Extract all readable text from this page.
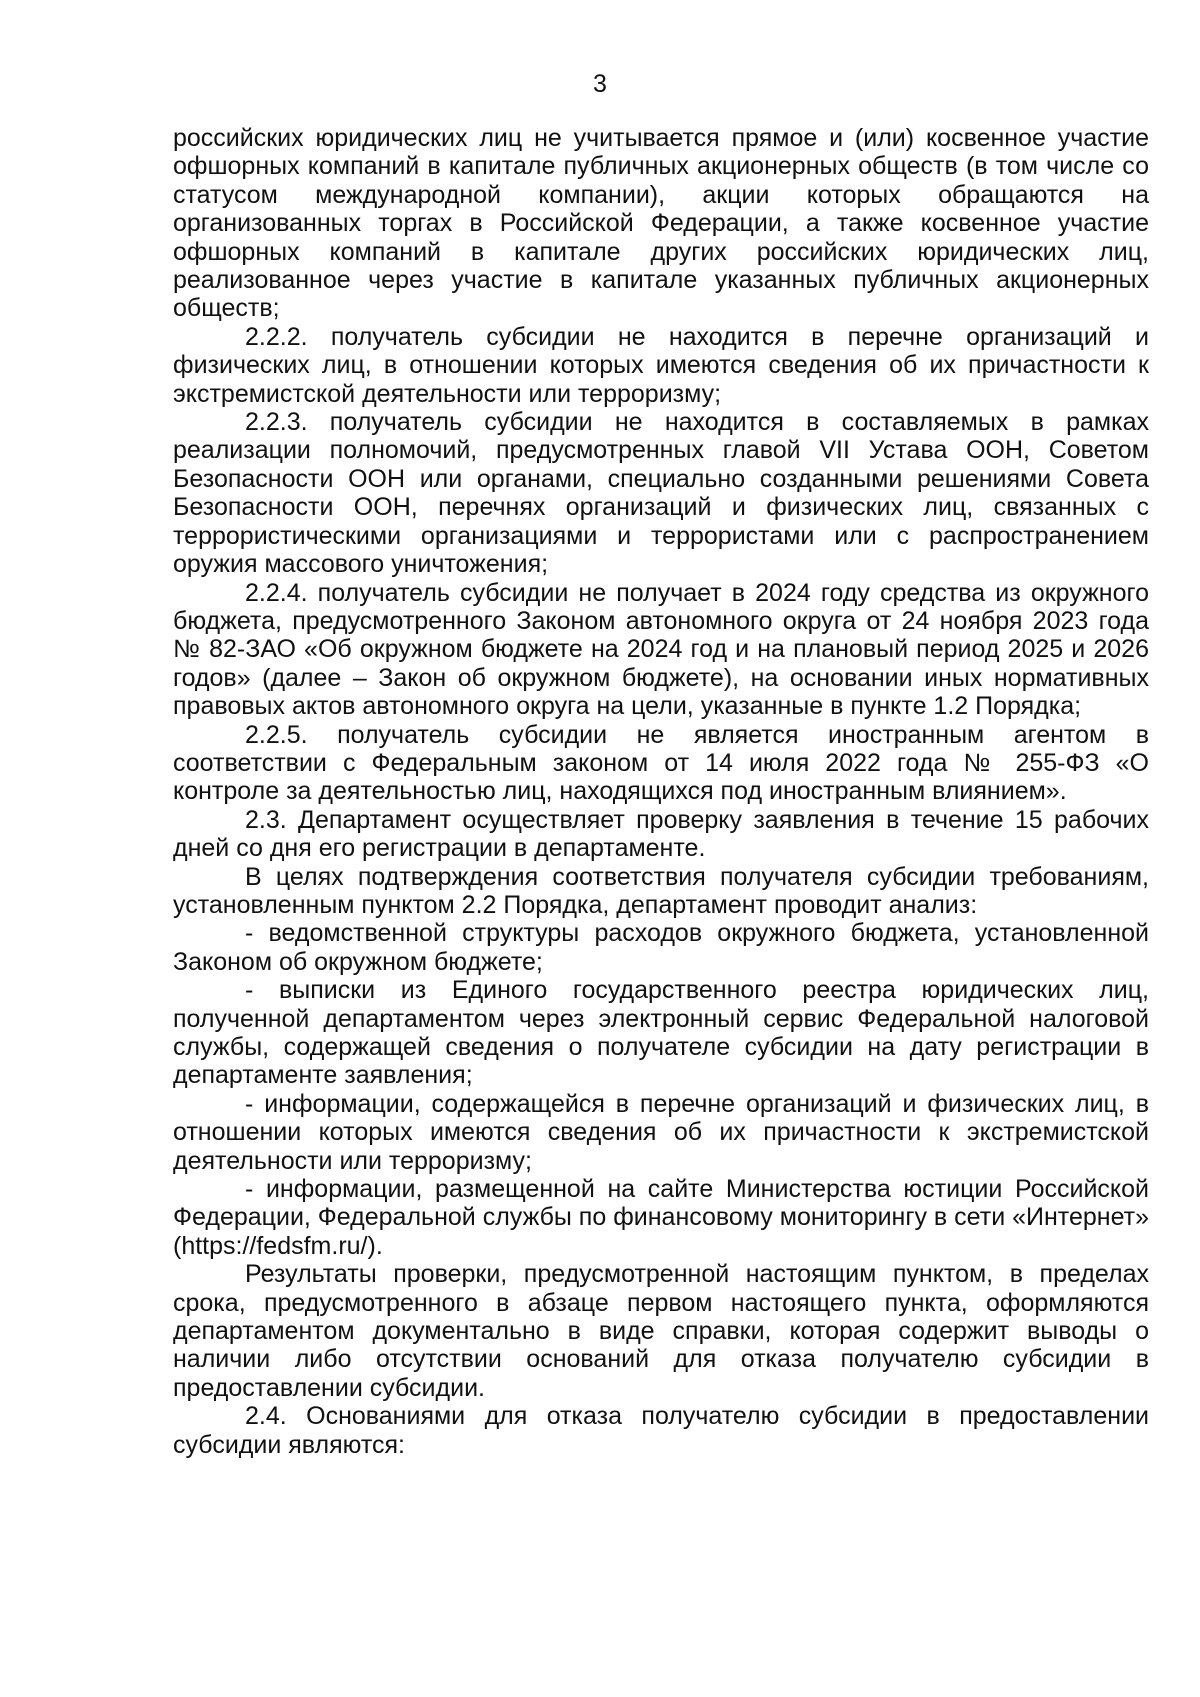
3

российских юридических лиц не учитывается прямое и (или) косвенное участие офшорных компаний в капитале публичных акционерных обществ (в том числе со статусом международной компании), акции которых обращаются на организованных торгах в Российской Федерации, а также косвенное участие офшорных компаний в капитале других российских юридических лиц, реализованное через участие в капитале указанных публичных акционерных обществ;

2.2.2. получатель субсидии не находится в перечне организаций и физических лиц, в отношении которых имеются сведения об их причастности к экстремистской деятельности или терроризму;

2.2.3. получатель субсидии не находится в составляемых в рамках реализации полномочий, предусмотренных главой VII Устава ООН, Советом Безопасности ООН или органами, специально созданными решениями Совета Безопасности ООН, перечнях организаций и физических лиц, связанных с террористическими организациями и террористами или с распространением оружия массового уничтожения;

2.2.4. получатель субсидии не получает в 2024 году средства из окружного бюджета, предусмотренного Законом автономного округа от 24 ноября 2023 года № 82-ЗАО «Об окружном бюджете на 2024 год и на плановый период 2025 и 2026 годов» (далее – Закон об окружном бюджете), на основании иных нормативных правовых актов автономного округа на цели, указанные в пункте 1.2 Порядка;

2.2.5. получатель субсидии не является иностранным агентом в соответствии с Федеральным законом от 14 июля 2022 года № 255-ФЗ «О контроле за деятельностью лиц, находящихся под иностранным влиянием».

2.3. Департамент осуществляет проверку заявления в течение 15 рабочих дней со дня его регистрации в департаменте.

В целях подтверждения соответствия получателя субсидии требованиям, установленным пунктом 2.2 Порядка, департамент проводит анализ:

- ведомственной структуры расходов окружного бюджета, установленной Законом об окружном бюджете;

- выписки из Единого государственного реестра юридических лиц, полученной департаментом через электронный сервис Федеральной налоговой службы, содержащей сведения о получателе субсидии на дату регистрации в департаменте заявления;

- информации, содержащейся в перечне организаций и физических лиц, в отношении которых имеются сведения об их причастности к экстремистской деятельности или терроризму;

- информации, размещенной на сайте Министерства юстиции Российской Федерации, Федеральной службы по финансовому мониторингу в сети «Интернет» (https://fedsfm.ru/).

Результаты проверки, предусмотренной настоящим пунктом, в пределах срока, предусмотренного в абзаце первом настоящего пункта, оформляются департаментом документально в виде справки, которая содержит выводы о наличии либо отсутствии оснований для отказа получателю субсидии в предоставлении субсидии.

2.4. Основаниями для отказа получателю субсидии в предоставлении субсидии являются:
